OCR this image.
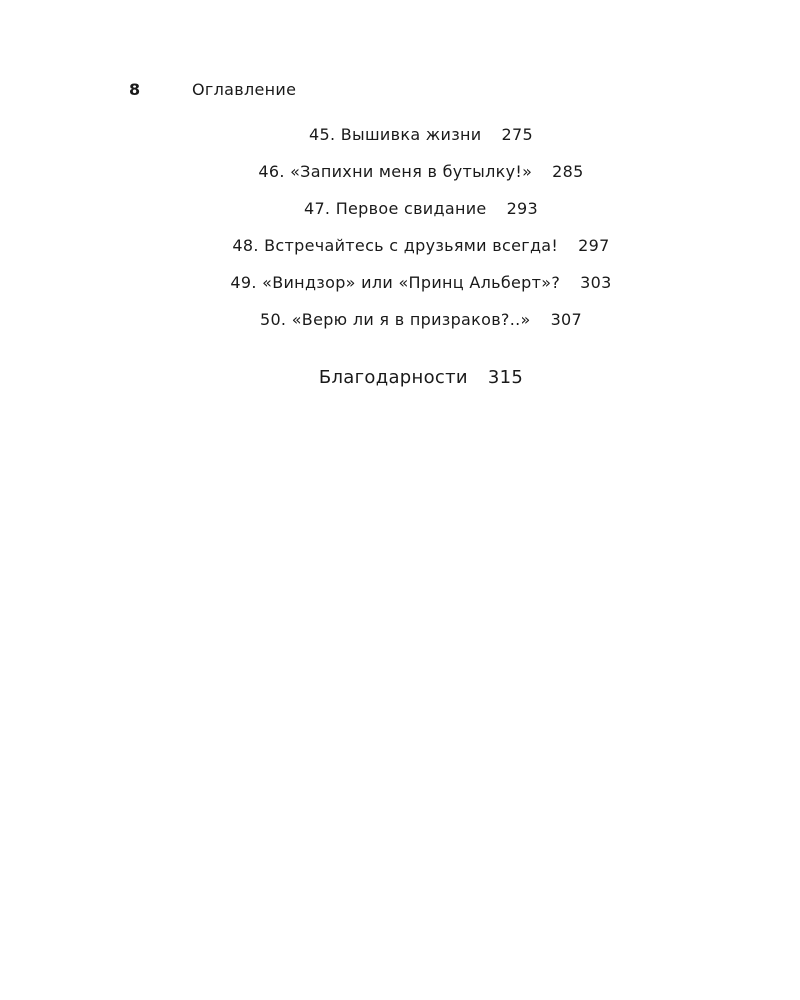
8	Оглавление
45. Вышивка жизни 275
46. «Запихни меня в бутылку!» 285
47. Первое свидание 293
48. Встречайтесь с друзьями всегда! 297
49. «Виндзор» или «Принц Альберт»? 303
50. «Верю ли я в призраков?..» 307
Благодарности 315
